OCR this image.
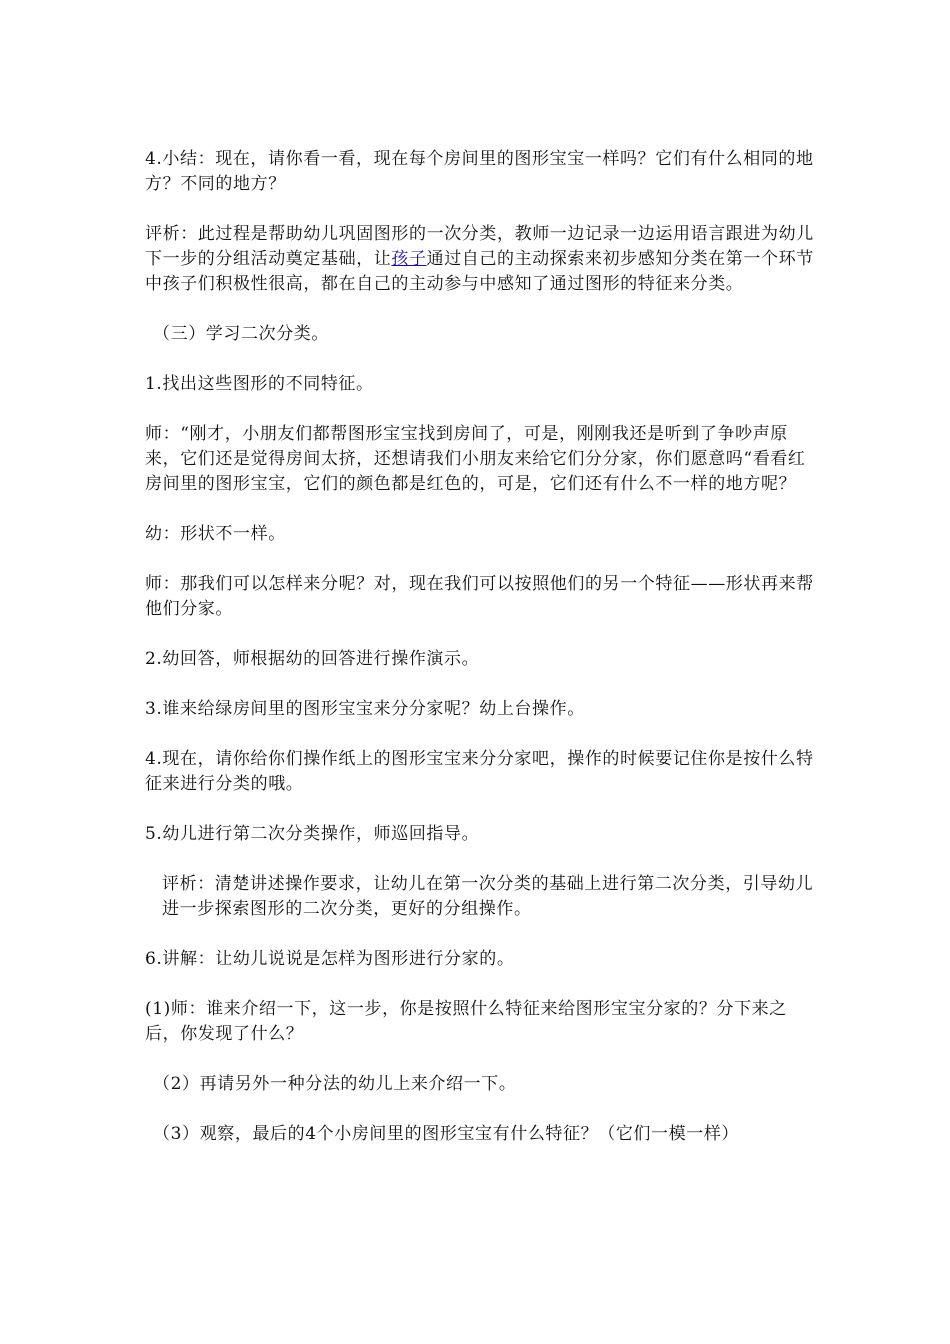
4.小结：现在，请你看一看，现在每个房间里的图形宝宝一样吗？它们有什么相同的地方？不同的地方？

评析：此过程是帮助幼儿巩固图形的一次分类，教师一边记录一边运用语言跟进为幼儿下一步的分组活动奠定基础，让孩子通过自己的主动探索来初步感知分类在第一个环节中孩子们积极性很高，都在自己的主动参与中感知了通过图形的特征来分类。

（三）学习二次分类。

1.找出这些图形的不同特征。

师：“刚才，小朋友们都帮图形宝宝找到房间了，可是，刚刚我还是听到了争吵声原来，它们还是觉得房间太挤，还想请我们小朋友来给它们分分家，你们愿意吗“看看红房间里的图形宝宝，它们的颜色都是红色的，可是，它们还有什么不一样的地方呢？

幼：形状不一样。

师：那我们可以怎样来分呢？对，现在我们可以按照他们的另一个特征——形状再来帮他们分家。

2.幼回答，师根据幼的回答进行操作演示。

3.谁来给绿房间里的图形宝宝来分分家呢？幼上台操作。

4.现在，请你给你们操作纸上的图形宝宝来分分家吧，操作的时候要记住你是按什么特征来进行分类的哦。

5.幼儿进行第二次分类操作，师巡回指导。

评析：清楚讲述操作要求，让幼儿在第一次分类的基础上进行第二次分类，引导幼儿进一步探索图形的二次分类，更好的分组操作。

6.讲解：让幼儿说说是怎样为图形进行分家的。

(1)师：谁来介绍一下，这一步，你是按照什么特征来给图形宝宝分家的？分下来之后，你发现了什么？

（2）再请另外一种分法的幼儿上来介绍一下。

（3）观察，最后的4个小房间里的图形宝宝有什么特征？（它们一模一样）
